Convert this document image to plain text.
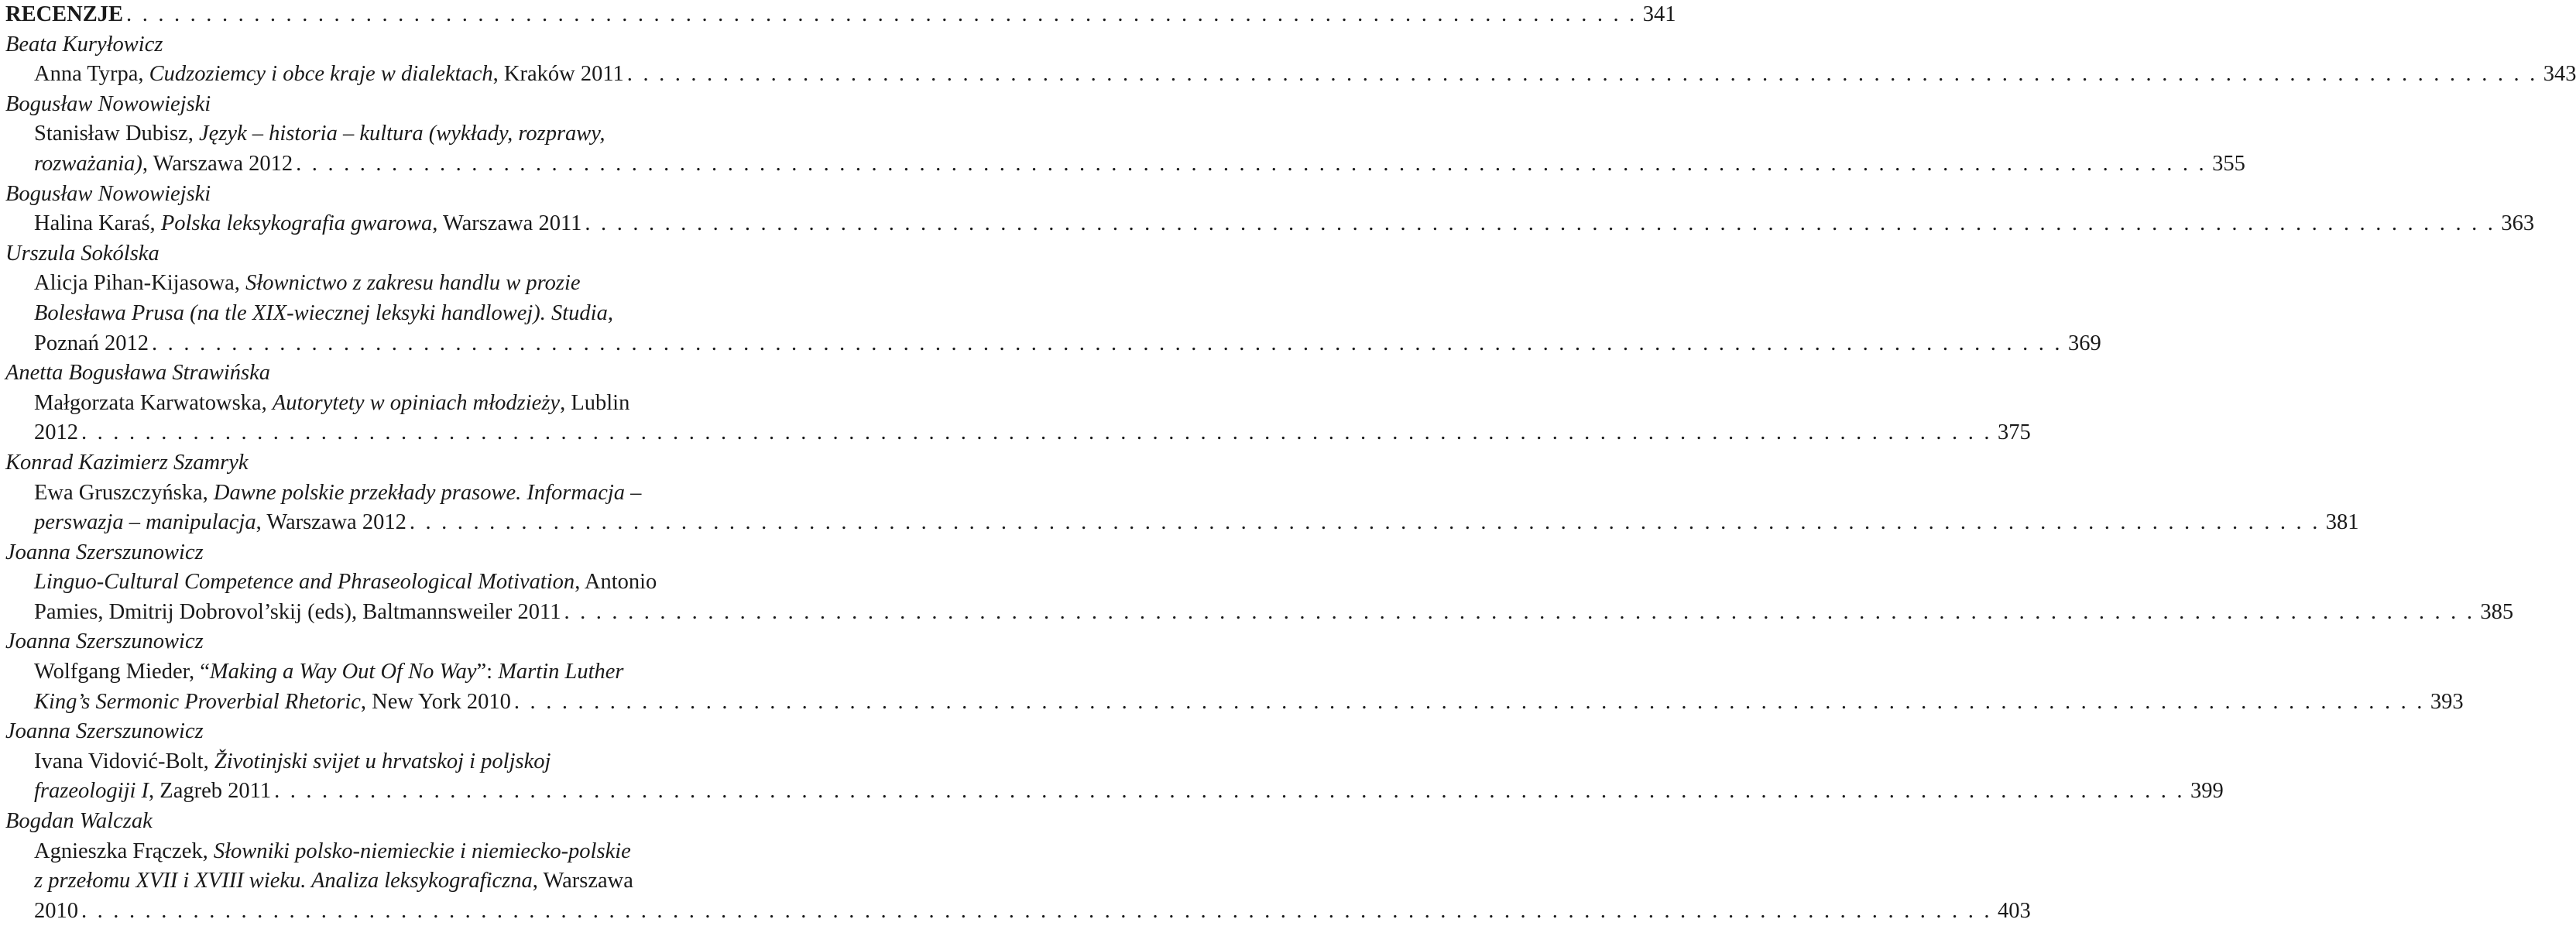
RECENZJE . . . . . . . . . . . . . . . . . . . . . . . . . . . . . . . . . . . . . . . . . . . . . . . . . . . . . . . . . . . . . . . . . . . . . . . . . . . . . . . . . . . . . . . . . . . . . . . 341
Beata Kuryłowicz
Anna Tyrpa, Cudzoziemcy i obce kraje w dialektach, Kraków 2011 . . . . . . . . . . . . . . . . . . . . . . . . . . . . . . . . . . . . . . . . . . . . . . . . . . . . . . . . . . . . . . . . . . . . . . . . . . . . . . . . . . . . . . . . . . . . . . . . . . . . . . . . . . . . . . . . . . . . . . . . 343
Bogusław Nowowiejski
Stanisław Dubisz, Język – historia – kultura (wykłady, rozprawy,
rozważania), Warszawa 2012 . . . . . . . . . . . . . . . . . . . . . . . . . . . . . . . . . . . . . . . . . . . . . . . . . . . . . . . . . . . . . . . . . . . . . . . . . . . . . . . . . . . . . . . . . . . . . . . . . . . . . . . . . . . . . . . . . . . . . . . . 355
Bogusław Nowowiejski
Halina Karaś, Polska leksykografia gwarowa, Warszawa 2011 . . . . . . . . . . . . . . . . . . . . . . . . . . . . . . . . . . . . . . . . . . . . . . . . . . . . . . . . . . . . . . . . . . . . . . . . . . . . . . . . . . . . . . . . . . . . . . . . . . . . . . . . . . . . . . . . . . . . . . . . 363
Urszula Sokólska
Alicja Pihan-Kijasowa, Słownictwo z zakresu handlu w prozie
Bolesława Prusa (na tle XIX-wiecznej leksyki handlowej). Studia,
Poznań 2012 . . . . . . . . . . . . . . . . . . . . . . . . . . . . . . . . . . . . . . . . . . . . . . . . . . . . . . . . . . . . . . . . . . . . . . . . . . . . . . . . . . . . . . . . . . . . . . . . . . . . . . . . . . . . . . . . . . . . . . . . 369
Anetta Bogusława Strawińska
Małgorzata Karwatowska, Autorytety w opiniach młodzieży, Lublin
2012 . . . . . . . . . . . . . . . . . . . . . . . . . . . . . . . . . . . . . . . . . . . . . . . . . . . . . . . . . . . . . . . . . . . . . . . . . . . . . . . . . . . . . . . . . . . . . . . . . . . . . . . . . . . . . . . . . . . . . . . . 375
Konrad Kazimierz Szamryk
Ewa Gruszczyńska, Dawne polskie przekłady prasowe. Informacja –
perswazja – manipulacja, Warszawa 2012 . . . . . . . . . . . . . . . . . . . . . . . . . . . . . . . . . . . . . . . . . . . . . . . . . . . . . . . . . . . . . . . . . . . . . . . . . . . . . . . . . . . . . . . . . . . . . . . . . . . . . . . . . . . . . . . . . . . . . . . . 381
Joanna Szerszunowicz
Linguo-Cultural Competence and Phraseological Motivation, Antonio
Pamies, Dmitrij Dobrovol’skij (eds), Baltmannsweiler 2011 . . . . . . . . . . . . . . . . . . . . . . . . . . . . . . . . . . . . . . . . . . . . . . . . . . . . . . . . . . . . . . . . . . . . . . . . . . . . . . . . . . . . . . . . . . . . . . . . . . . . . . . . . . . . . . . . . . . . . . . . 385
Joanna Szerszunowicz
Wolfgang Mieder, “Making a Way Out Of No Way”: Martin Luther
King’s Sermonic Proverbial Rhetoric, New York 2010 . . . . . . . . . . . . . . . . . . . . . . . . . . . . . . . . . . . . . . . . . . . . . . . . . . . . . . . . . . . . . . . . . . . . . . . . . . . . . . . . . . . . . . . . . . . . . . . . . . . . . . . . . . . . . . . . . . . . . . . . 393
Joanna Szerszunowicz
Ivana Vidović-Bolt, Životinjski svijet u hrvatskoj i poljskoj
frazeologiji I, Zagreb 2011 . . . . . . . . . . . . . . . . . . . . . . . . . . . . . . . . . . . . . . . . . . . . . . . . . . . . . . . . . . . . . . . . . . . . . . . . . . . . . . . . . . . . . . . . . . . . . . . . . . . . . . . . . . . . . . . . . . . . . . . . 399
Bogdan Walczak
Agnieszka Frączek, Słowniki polsko-niemieckie i niemiecko-polskie
z przełomu XVII i XVIII wieku. Analiza leksykograficzna, Warszawa
2010 . . . . . . . . . . . . . . . . . . . . . . . . . . . . . . . . . . . . . . . . . . . . . . . . . . . . . . . . . . . . . . . . . . . . . . . . . . . . . . . . . . . . . . . . . . . . . . . . . . . . . . . . . . . . . . . . . . . . . . . . 403
